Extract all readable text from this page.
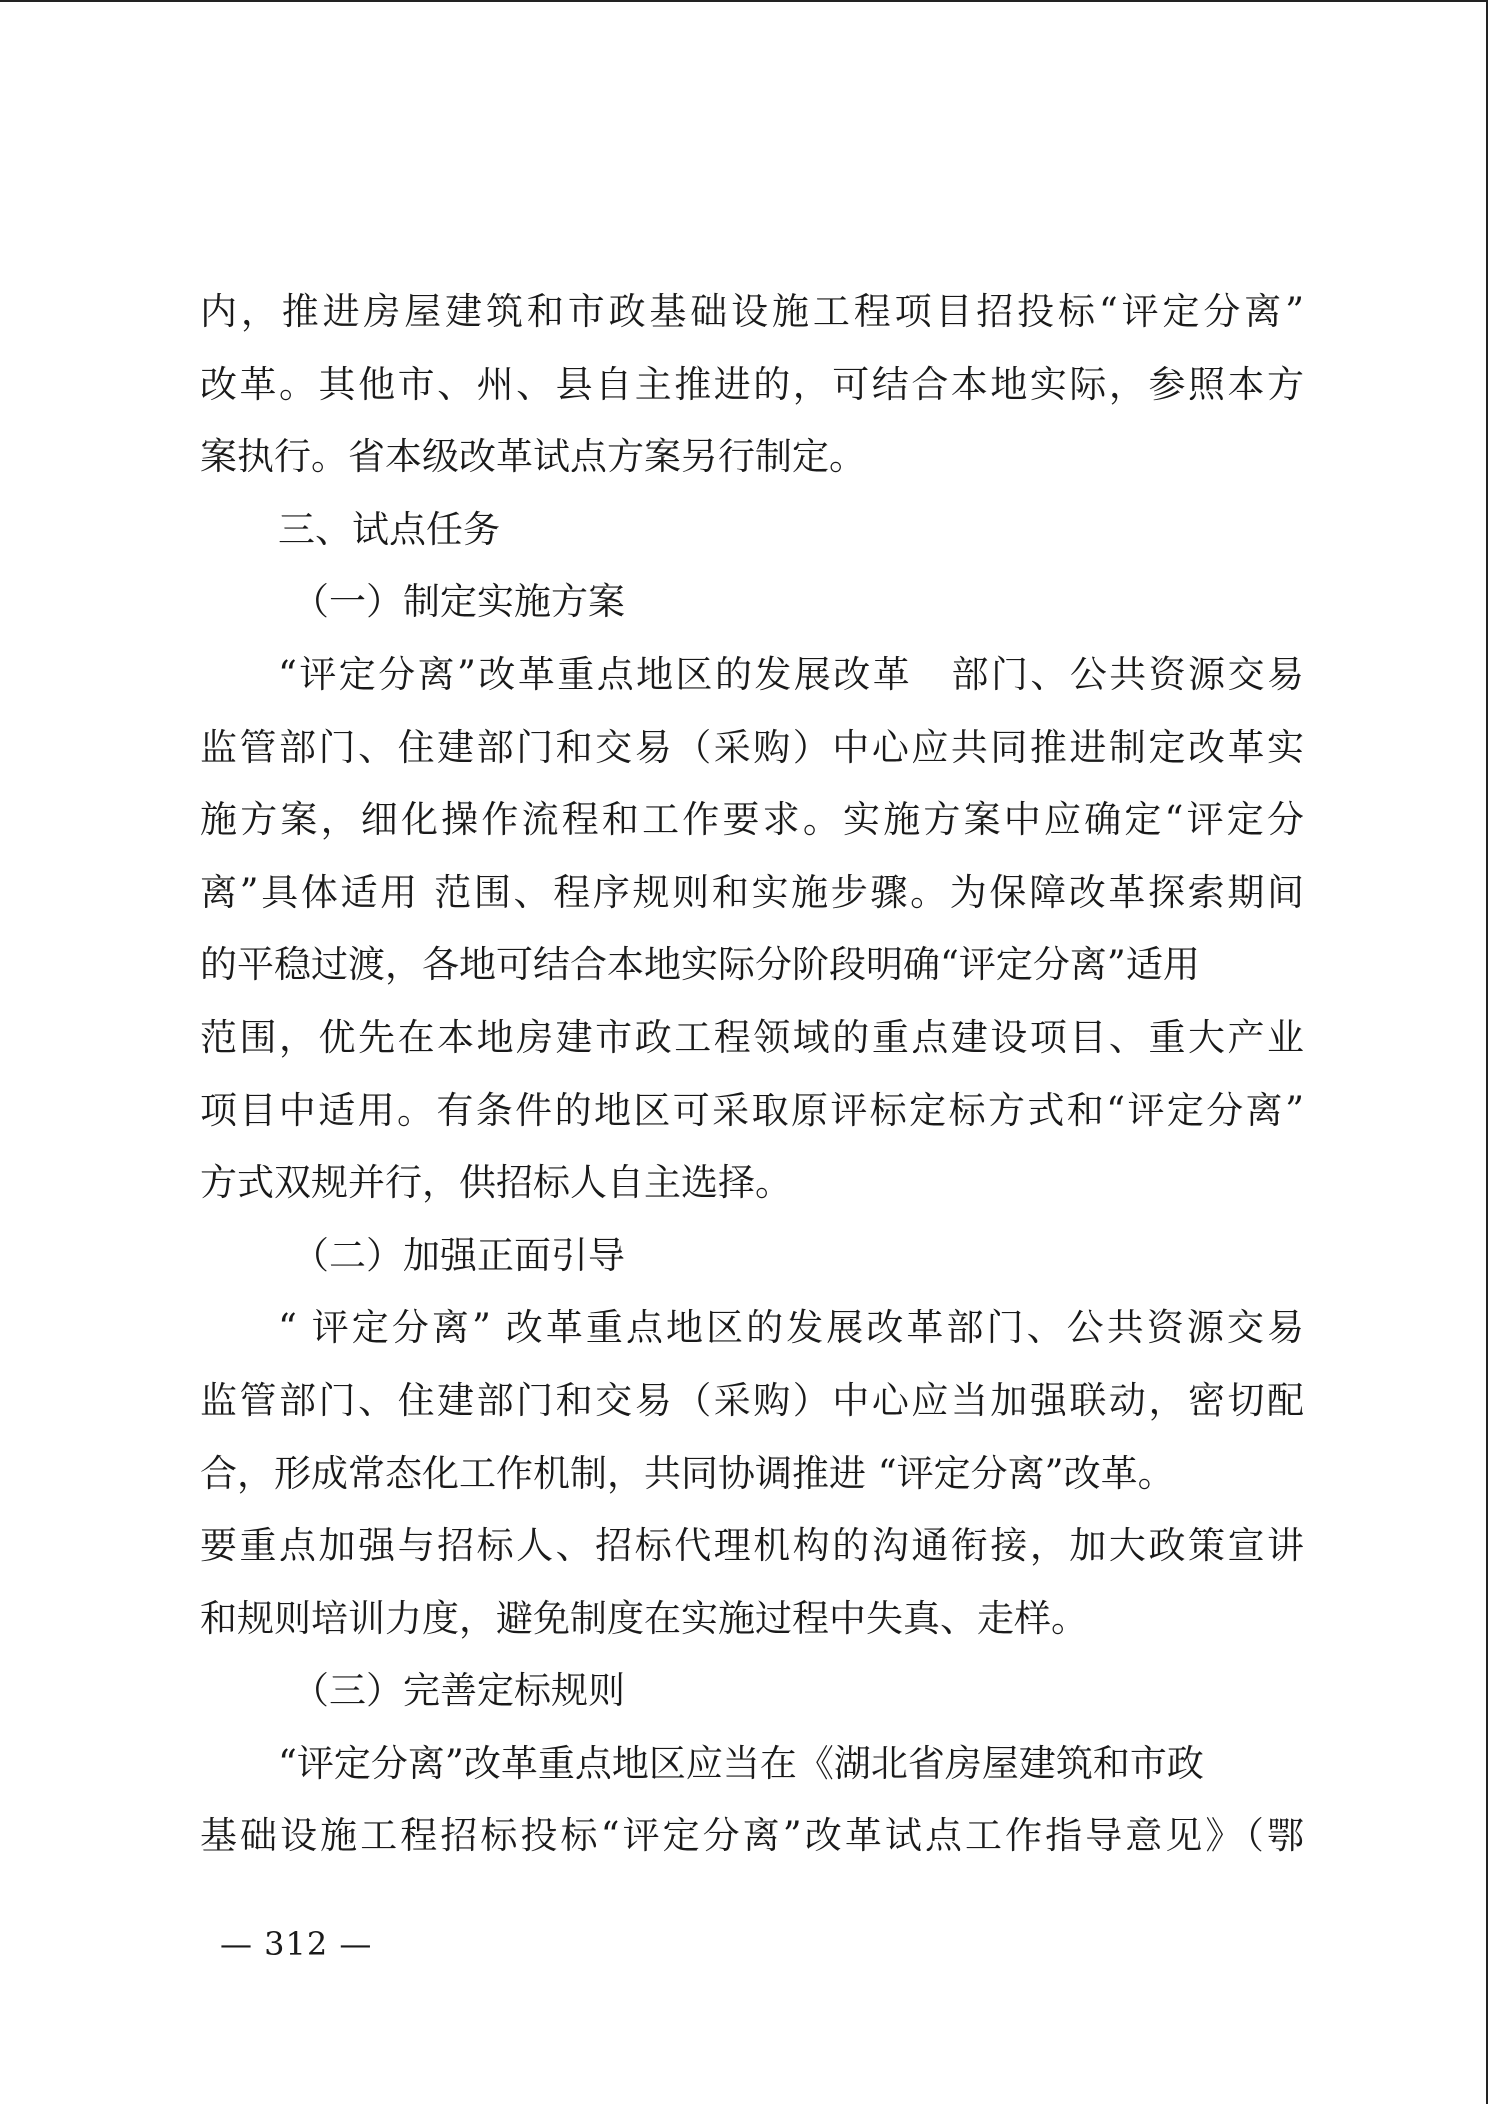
内，推进房屋建筑和市政基础设施工程项目招投标“评定分离”
改革。其他市、州、县自主推进的，可结合本地实际，参照本方
案执行。省本级改革试点方案另行制定。
三、试点任务
（一）制定实施方案
“评定分离”改革重点地区的发展改革　部门、公共资源交易
监管部门、住建部门和交易（采购）中心应共同推进制定改革实
施方案，细化操作流程和工作要求。实施方案中应确定“评定分
离”具体适用 范围、程序规则和实施步骤。为保障改革探索期间
的平稳过渡，各地可结合本地实际分阶段明确“评定分离”适用
范围，优先在本地房建市政工程领域的重点建设项目、重大产业
项目中适用。有条件的地区可采取原评标定标方式和“评定分离”
方式双规并行，供招标人自主选择。
（二）加强正面引导
“ 评定分离” 改革重点地区的发展改革部门、公共资源交易
监管部门、住建部门和交易（采购）中心应当加强联动，密切配
合，形成常态化工作机制，共同协调推进 “评定分离”改革。
要重点加强与招标人、招标代理机构的沟通衔接，加大政策宣讲
和规则培训力度，避免制度在实施过程中失真、走样。
（三）完善定标规则
“评定分离”改革重点地区应当在《湖北省房屋建筑和市政
基础设施工程招标投标“评定分离”改革试点工作指导意见》（鄂
— 312 —
